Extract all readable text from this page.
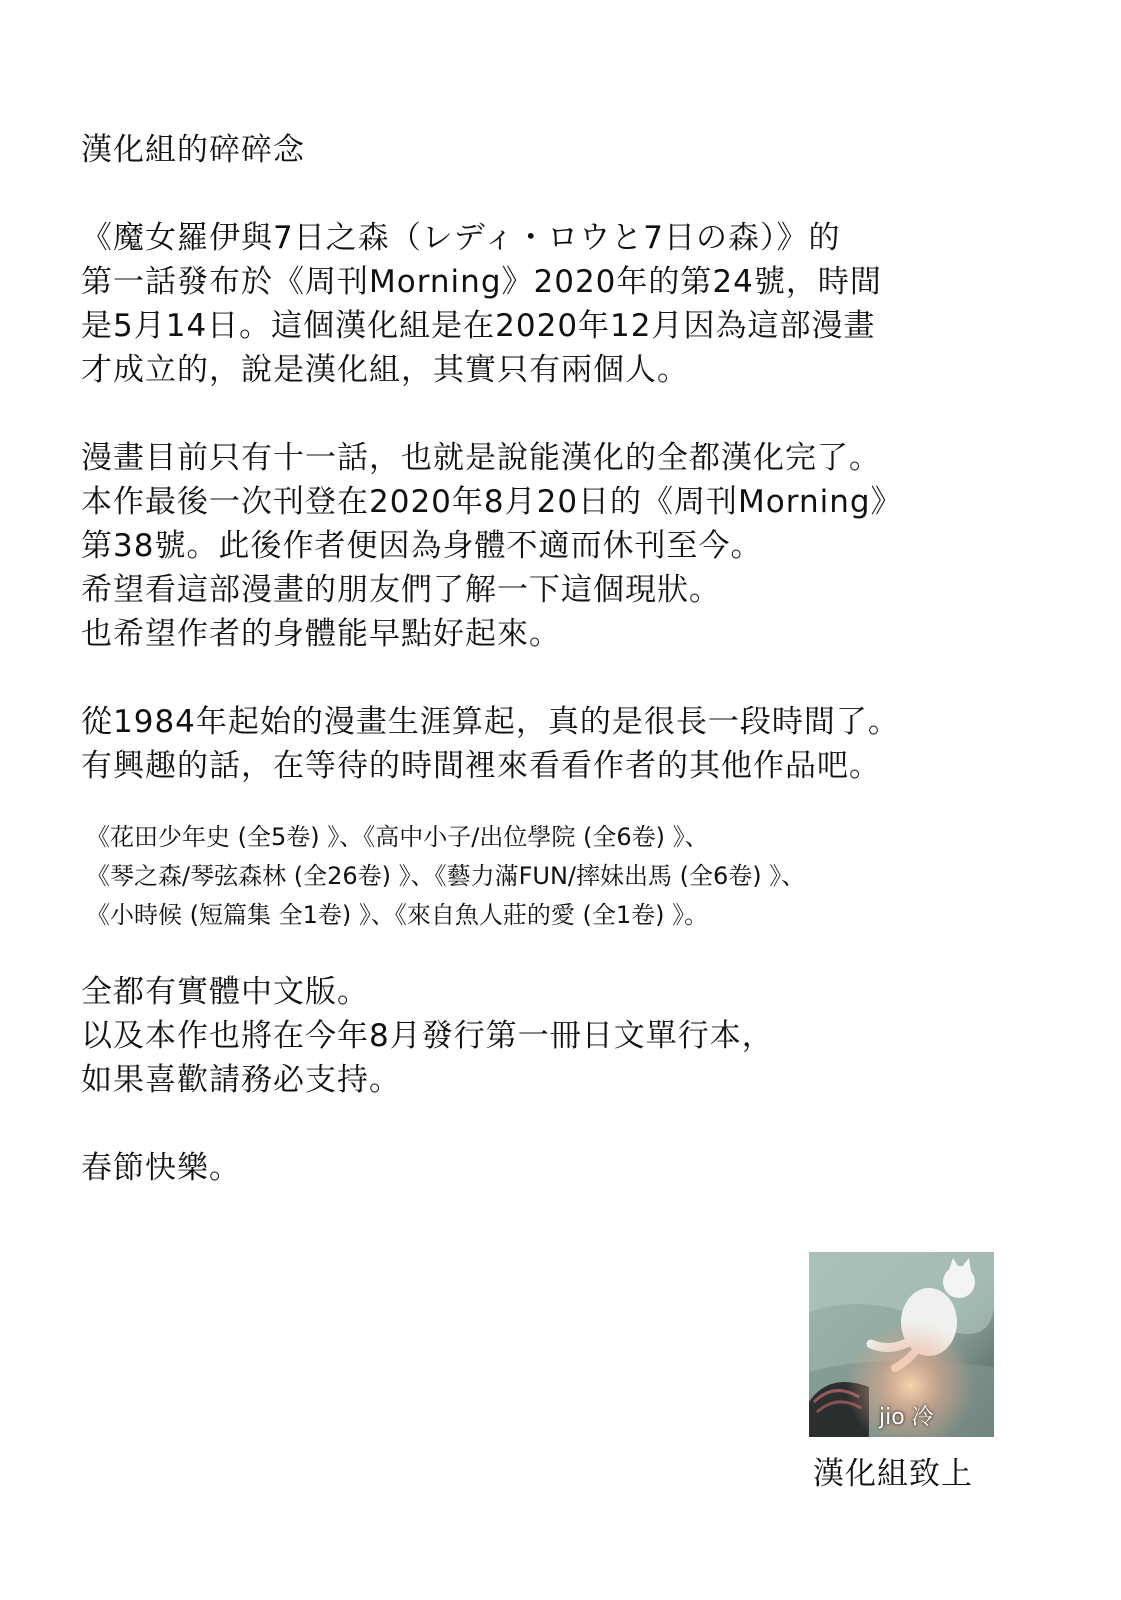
漢化組的碎碎念

《魔女羅伊與7日之森（レディ・ロウと7日の森）》的

第一話發布於《周刊Morning》2020年的第24號，時間

是5月14日。這個漢化組是在2020年12月因為這部漫畫

才成立的，說是漢化組，其實只有兩個人。

漫畫目前只有十一話，也就是說能漢化的全都漢化完了。

本作最後一次刊登在2020年8月20日的《周刊Morning》

第38號。此後作者便因為身體不適而休刊至今。

希望看這部漫畫的朋友們了解一下這個現狀。

也希望作者的身體能早點好起來。

從1984年起始的漫畫生涯算起，真的是很長一段時間了。

有興趣的話，在等待的時間裡來看看作者的其他作品吧。

《花田少年史 (全5卷) 》、《高中小子/出位學院 (全6卷) 》、

《琴之森/琴弦森林 (全26卷) 》、《藝力滿FUN/摔妹出馬 (全6卷) 》、

《小時候 (短篇集 全1卷) 》、《來自魚人莊的愛 (全1卷) 》。

全都有實體中文版。

以及本作也將在今年8月發行第一冊日文單行本，

如果喜歡請務必支持。

春節快樂。

jio 冷

漢化組致上
